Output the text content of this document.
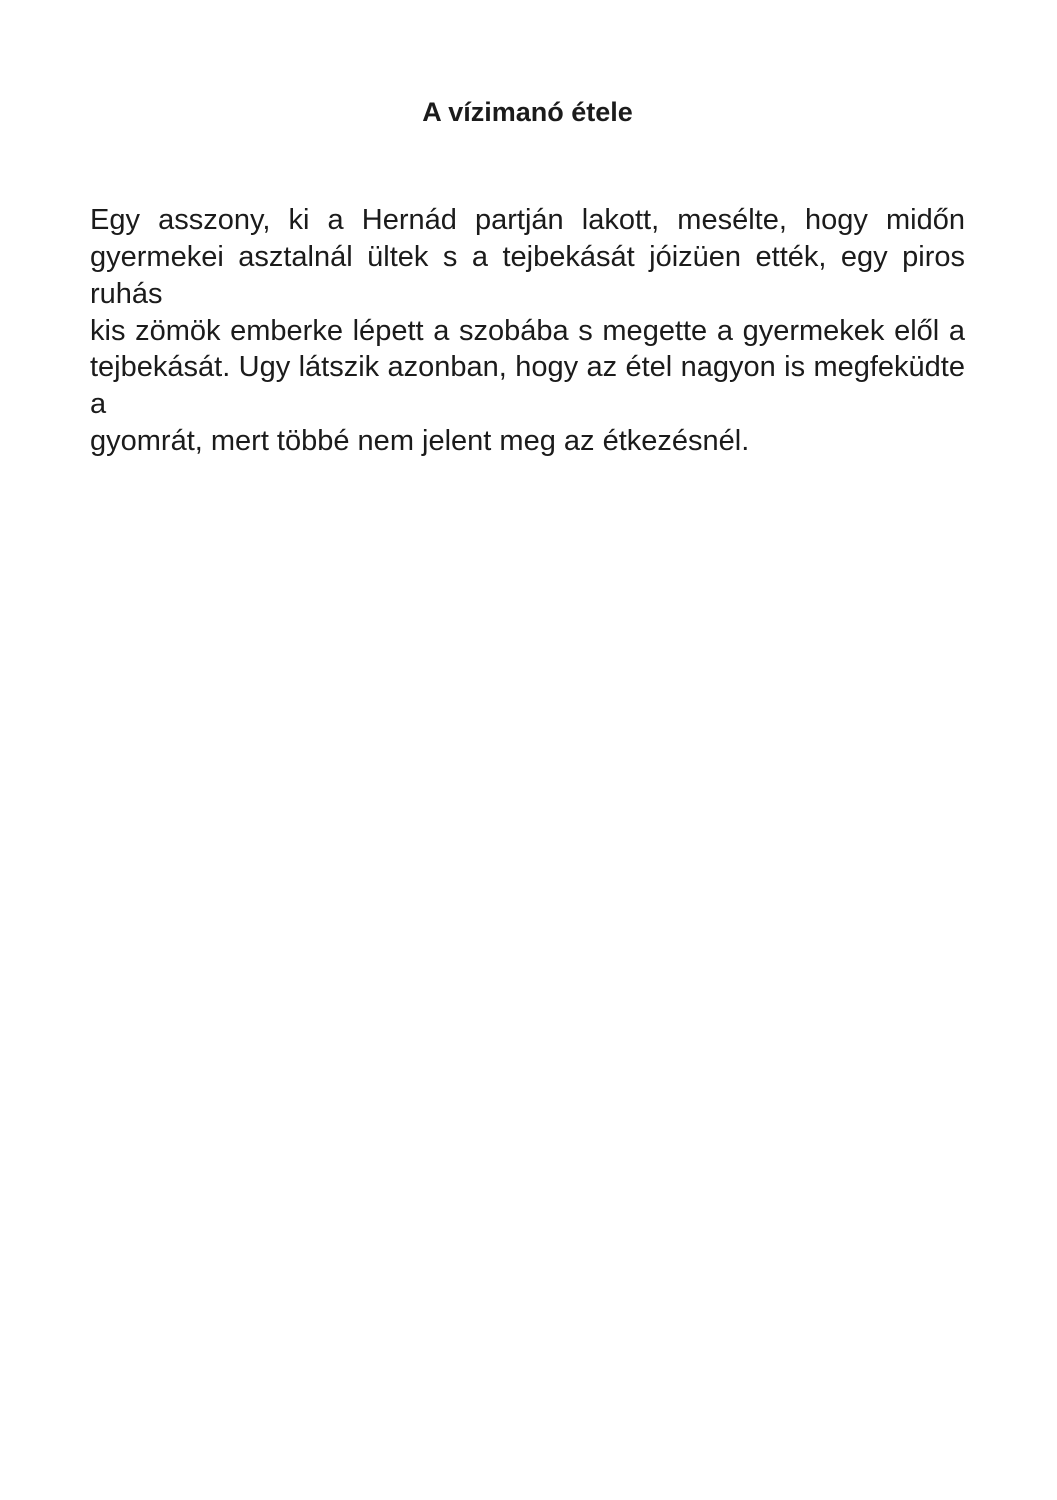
A vízimanó étele
Egy asszony, ki a Hernád partján lakott, mesélte, hogy midőn
gyermekei asztalnál ültek s a tejbekását jóizüen ették, egy piros ruhás
kis zömök emberke lépett a szobába s megette a gyermekek elől a
tejbekását. Ugy látszik azonban, hogy az étel nagyon is megfeküdte a
gyomrát, mert többé nem jelent meg az étkezésnél.
